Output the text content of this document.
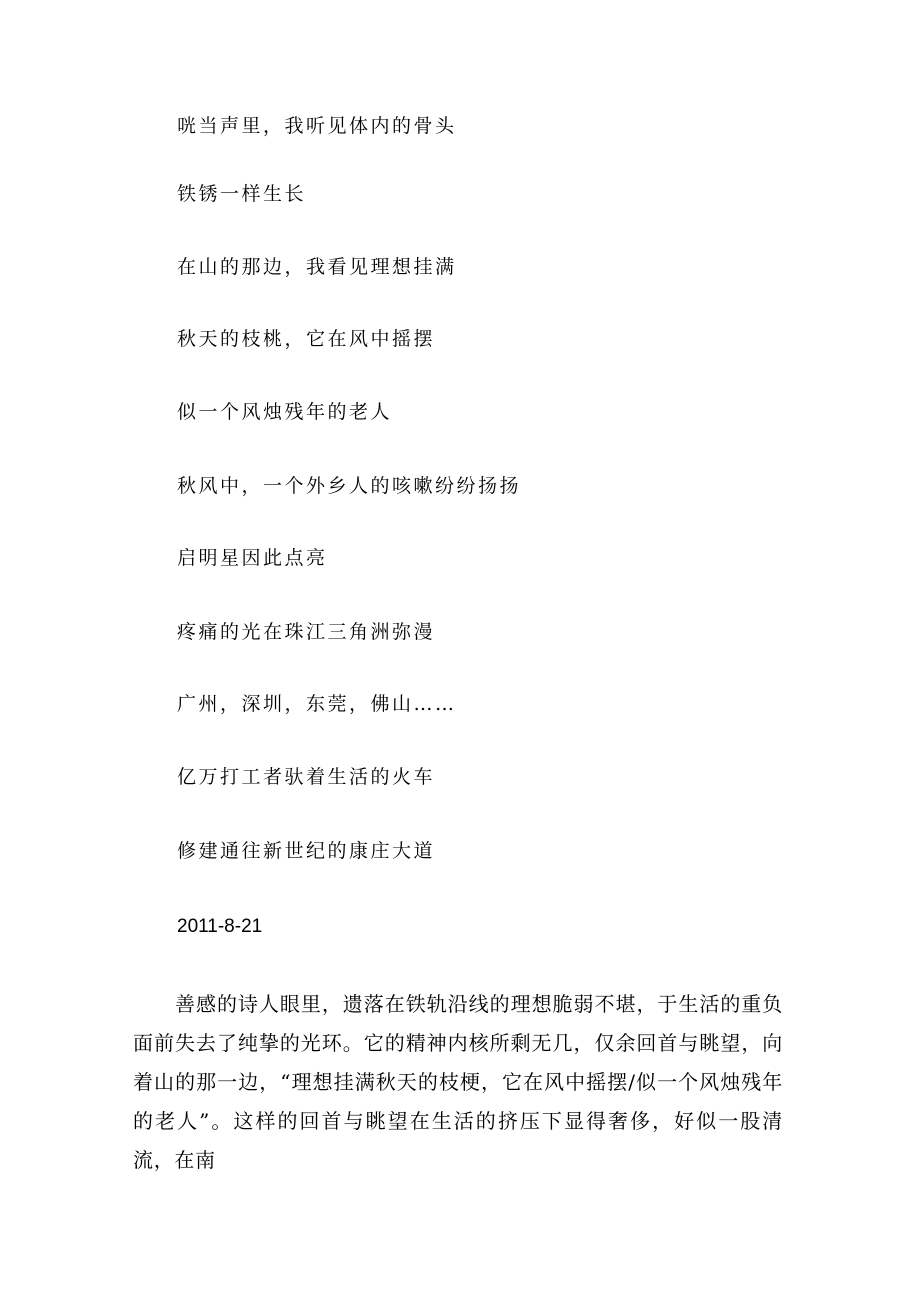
咣当声里，我听见体内的骨头

铁锈一样生长

在山的那边，我看见理想挂满

秋天的枝桃，它在风中摇摆

似一个风烛残年的老人

秋风中，一个外乡人的咳嗽纷纷扬扬

启明星因此点亮

疼痛的光在珠江三角洲弥漫

广州，深圳，东莞，佛山……

亿万打工者驮着生活的火车

修建通往新世纪的康庄大道

2011-8-21

善感的诗人眼里，遗落在铁轨沿线的理想脆弱不堪，于生活的重负面前失去了纯挚的光环。它的精神内核所剩无几，仅余回首与眺望，向着山的那一边，“理想挂满秋天的枝梗，它在风中摇摆/似一个风烛残年的老人”。这样的回首与眺望在生活的挤压下显得奢侈，好似一股清流，在南
